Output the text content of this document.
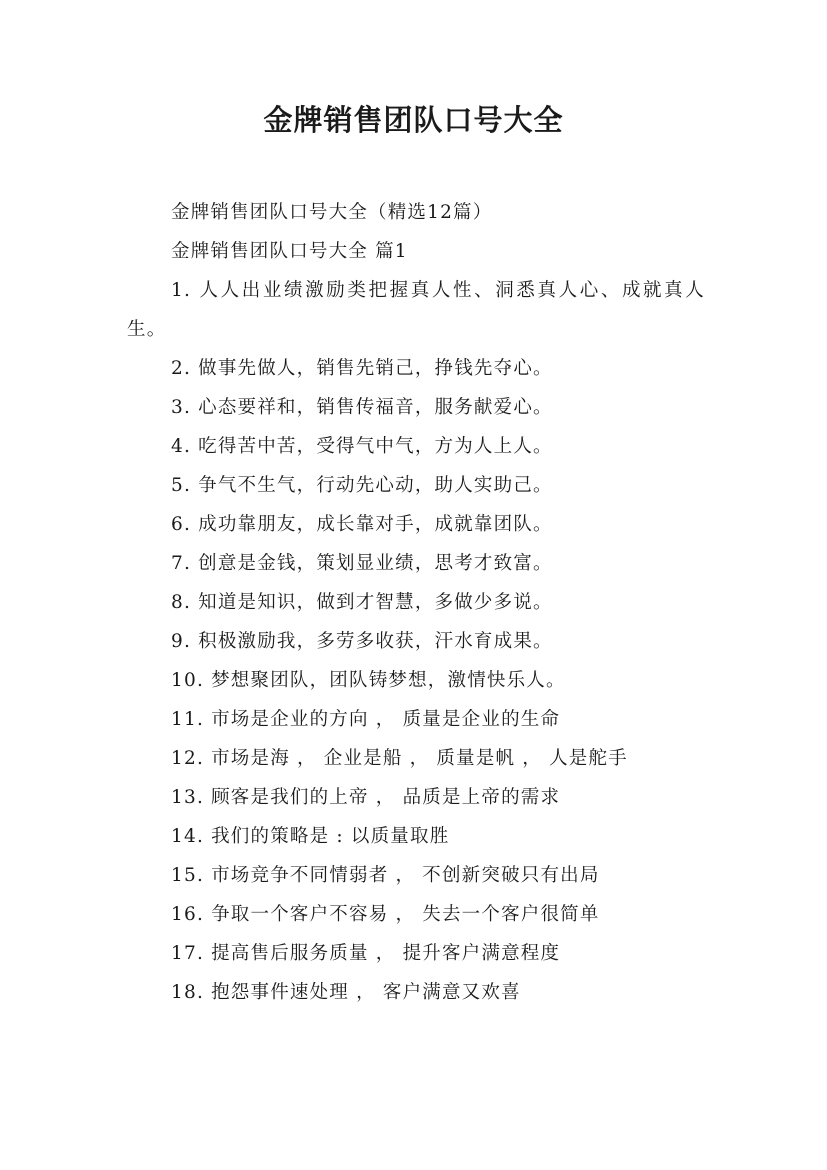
金牌销售团队口号大全

金牌销售团队口号大全（精选12篇）

金牌销售团队口号大全 篇1

1. 人人出业绩激励类把握真人性、洞悉真人心、成就真人生。

2. 做事先做人，销售先销己，挣钱先夺心。

3. 心态要祥和，销售传福音，服务献爱心。

4. 吃得苦中苦，受得气中气，方为人上人。

5. 争气不生气，行动先心动，助人实助己。

6. 成功靠朋友，成长靠对手，成就靠团队。

7. 创意是金钱，策划显业绩，思考才致富。

8. 知道是知识，做到才智慧，多做少多说。

9. 积极激励我，多劳多收获，汗水育成果。

10. 梦想聚团队，团队铸梦想，激情快乐人。

11. 市场是企业的方向 ， 质量是企业的生命

12. 市场是海 ， 企业是船 ， 质量是帆 ， 人是舵手

13. 顾客是我们的上帝 ， 品质是上帝的需求

14. 我们的策略是 : 以质量取胜

15. 市场竞争不同情弱者 ， 不创新突破只有出局

16. 争取一个客户不容易 ， 失去一个客户很简单

17. 提高售后服务质量 ， 提升客户满意程度

18. 抱怨事件速处理 ， 客户满意又欢喜
